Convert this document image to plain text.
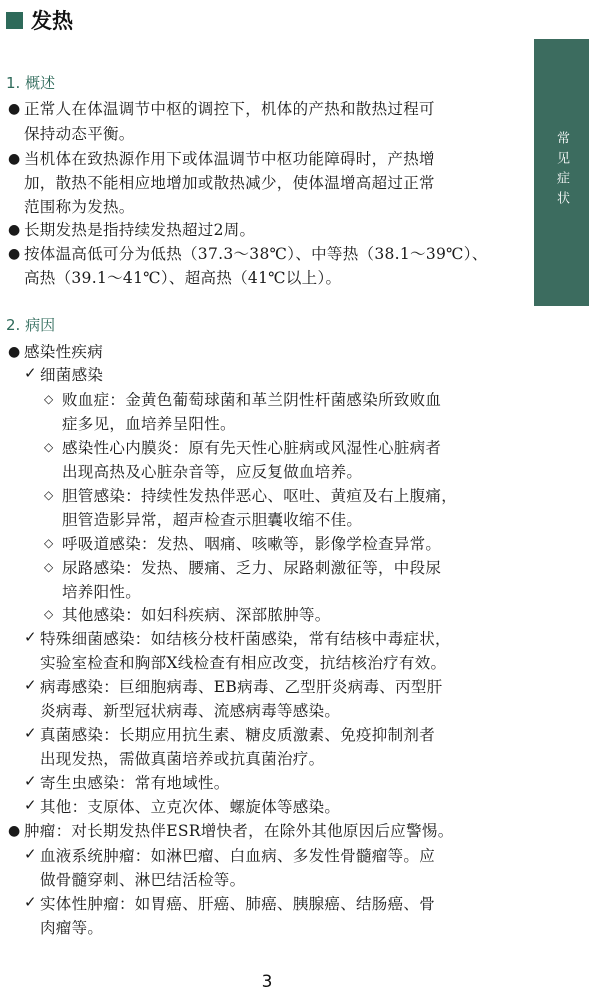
发热
常见症状
1. 概述
● 正常人在体温调节中枢的调控下，机体的产热和散热过程可
保持动态平衡。
● 当机体在致热源作用下或体温调节中枢功能障碍时，产热增
加，散热不能相应地增加或散热减少，使体温增高超过正常
范围称为发热。
● 长期发热是指持续发热超过2周。
● 按体温高低可分为低热（37.3～38℃）、中等热（38.1～39℃）、
高热（39.1～41℃）、超高热（41℃以上）。
2. 病因
● 感染性疾病
✓ 细菌感染
◇ 败血症：金黄色葡萄球菌和革兰阴性杆菌感染所致败血
症多见，血培养呈阳性。
◇ 感染性心内膜炎：原有先天性心脏病或风湿性心脏病者
出现高热及心脏杂音等，应反复做血培养。
◇ 胆管感染：持续性发热伴恶心、呕吐、黄疸及右上腹痛，
胆管造影异常，超声检查示胆囊收缩不佳。
◇ 呼吸道感染：发热、咽痛、咳嗽等，影像学检查异常。
◇ 尿路感染：发热、腰痛、乏力、尿路刺激征等，中段尿
培养阳性。
◇ 其他感染：如妇科疾病、深部脓肿等。
✓ 特殊细菌感染：如结核分枝杆菌感染，常有结核中毒症状，
实验室检查和胸部X线检查有相应改变，抗结核治疗有效。
✓ 病毒感染：巨细胞病毒、EB病毒、乙型肝炎病毒、丙型肝
炎病毒、新型冠状病毒、流感病毒等感染。
✓ 真菌感染：长期应用抗生素、糖皮质激素、免疫抑制剂者
出现发热，需做真菌培养或抗真菌治疗。
✓ 寄生虫感染：常有地域性。
✓ 其他：支原体、立克次体、螺旋体等感染。
● 肿瘤：对长期发热伴ESR增快者，在除外其他原因后应警惕。
✓ 血液系统肿瘤：如淋巴瘤、白血病、多发性骨髓瘤等。应
做骨髓穿刺、淋巴结活检等。
✓ 实体性肿瘤：如胃癌、肝癌、肺癌、胰腺癌、结肠癌、骨
肉瘤等。
3
